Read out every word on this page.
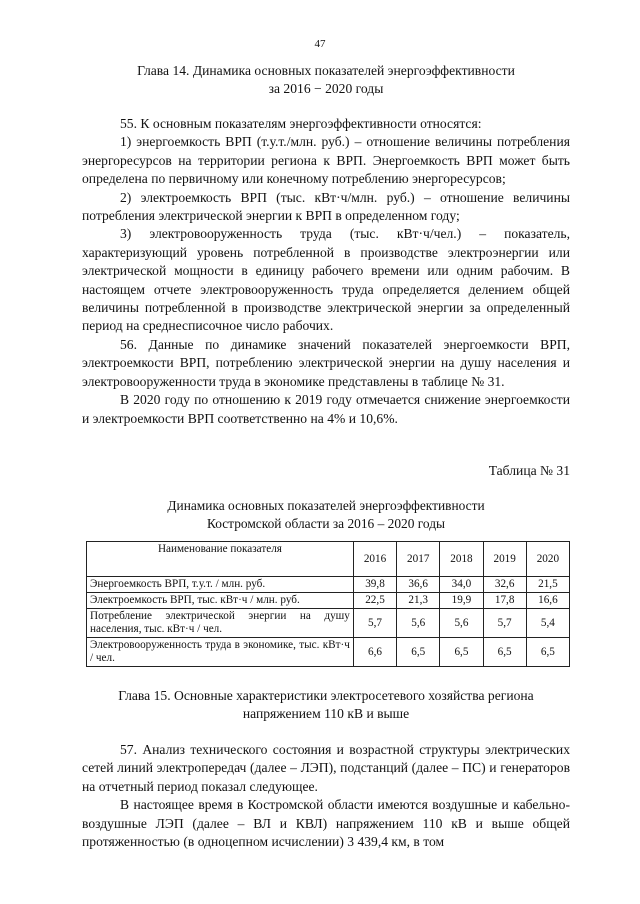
47
Глава 14. Динамика основных показателей энергоэффективности
за 2016 − 2020 годы

55. К основным показателям энергоэффективности относятся:

1) энергоемкость ВРП (т.у.т./млн. руб.) – отношение величины потребления энергоресурсов на территории региона к ВРП. Энергоемкость ВРП может быть определена по первичному или конечному потреблению энергоресурсов;

2) электроемкость ВРП (тыс. кВт·ч/млн. руб.) – отношение величины потребления электрической энергии к ВРП в определенном году;

3) электровооруженность труда (тыс. кВт·ч/чел.) – показатель, характеризующий уровень потребленной в производстве электроэнергии или электрической мощности в единицу рабочего времени или одним рабочим. В настоящем отчете электровооруженность труда определяется делением общей величины потребленной в производстве электрической энергии за определенный период на среднесписочное число рабочих.

56. Данные по динамике значений показателей энергоемкости ВРП, электроемкости ВРП, потреблению электрической энергии на душу населения и электровооруженности труда в экономике представлены в таблице № 31.

В 2020 году по отношению к 2019 году отмечается снижение энергоемкости и электроемкости ВРП соответственно на 4% и 10,6%.

Таблица № 31
Динамика основных показателей энергоэффективности
Костромской области за 2016 – 2020 годы
Наименование показателя	2016	2017	2018	2019	2020
Энергоемкость ВРП, т.у.т. / млн. руб.	39,8	36,6	34,0	32,6	21,5
Электроемкость ВРП, тыс. кВт·ч / млн. руб.	22,5	21,3	19,9	17,8	16,6
Потребление электрической энергии на душу населения, тыс. кВт·ч / чел.	5,7	5,6	5,6	5,7	5,4
Электровооруженность труда в экономике, тыс. кВт·ч / чел.	6,6	6,5	6,5	6,5	6,5
Глава 15. Основные характеристики электросетевого хозяйства региона
напряжением 110 кВ и выше

57. Анализ технического состояния и возрастной структуры электрических сетей линий электропередач (далее – ЛЭП), подстанций (далее – ПС) и генераторов на отчетный период показал следующее.

В настоящее время в Костромской области имеются воздушные и кабельно-воздушные ЛЭП (далее – ВЛ и КВЛ) напряжением 110 кВ и выше общей протяженностью (в одноцепном исчислении) 3 439,4 км, в том
